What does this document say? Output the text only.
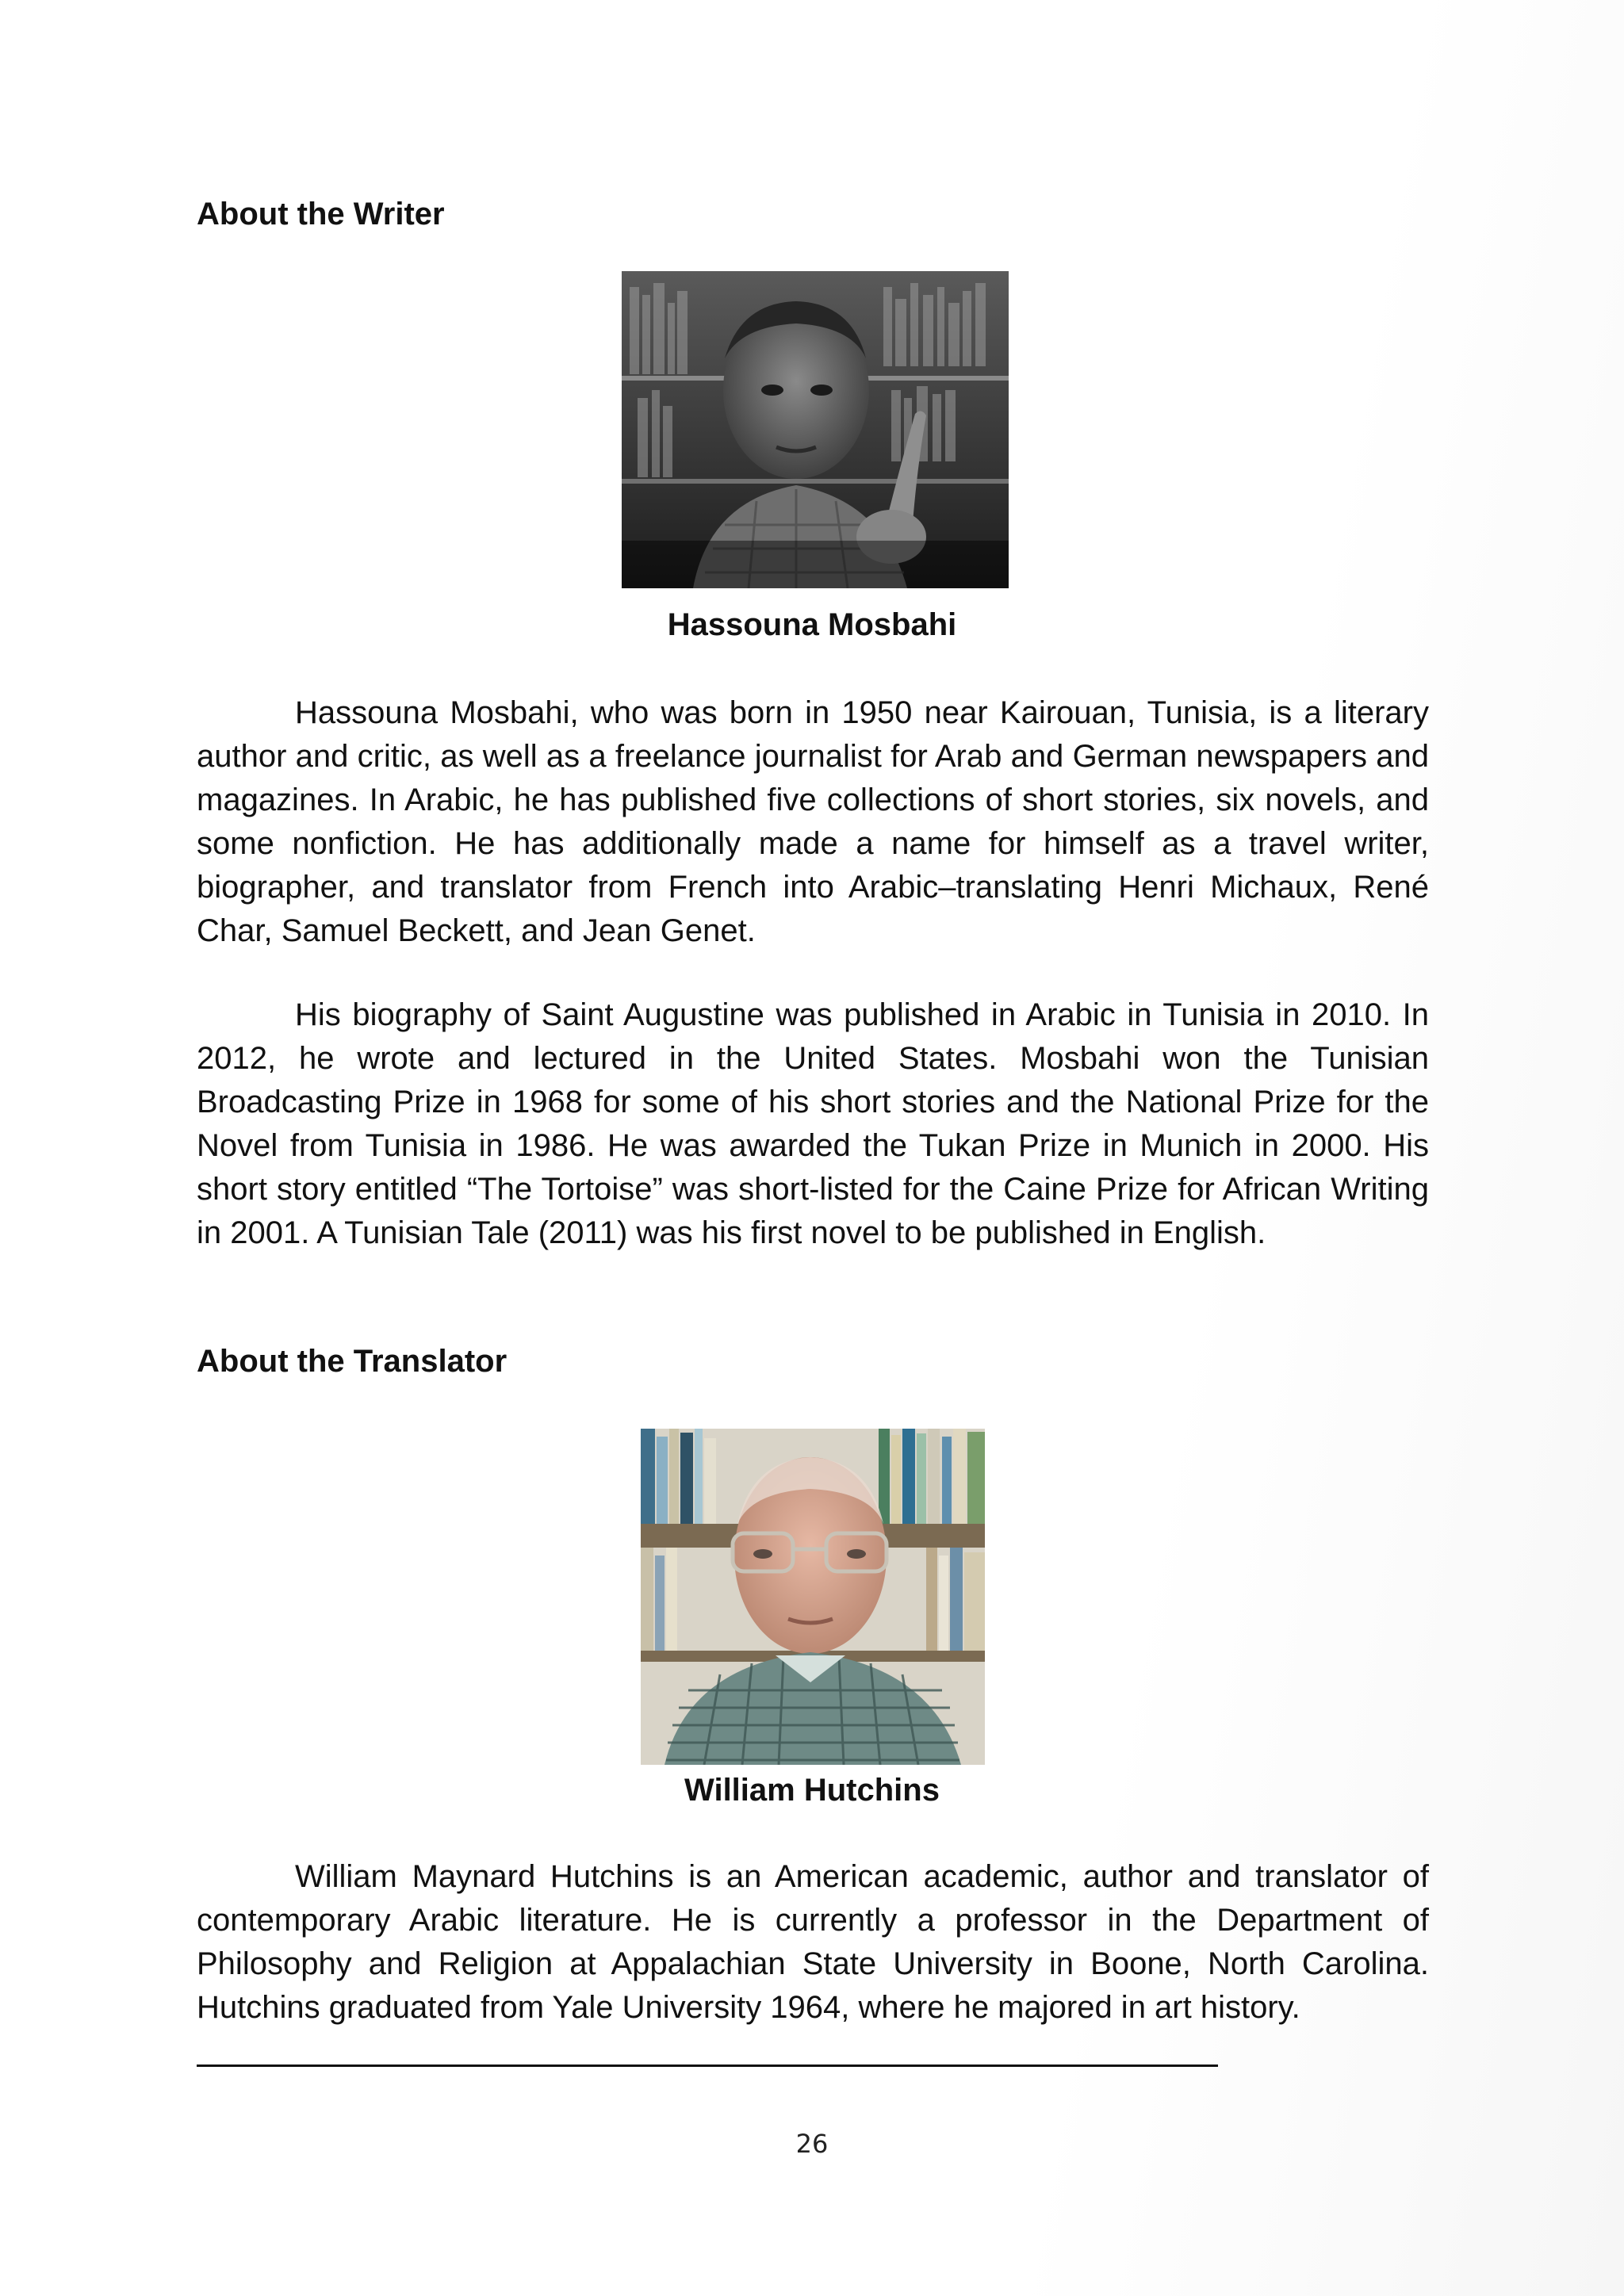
About the Writer
Hassouna Mosbahi

Hassouna Mosbahi, who was born in 1950 near Kairouan, Tunisia, is a literary author and critic, as well as a freelance journalist for Arab and German newspapers and magazines. In Arabic, he has published five collections of short stories, six novels, and some nonfiction. He has additionally made a name for himself as a travel writer, biographer, and translator from French into Arabic–translating Henri Michaux, René Char, Samuel Beckett, and Jean Genet.

His biography of Saint Augustine was published in Arabic in Tunisia in 2010. In 2012, he wrote and lectured in the United States. Mosbahi won the Tunisian Broadcasting Prize in 1968 for some of his short stories and the National Prize for the Novel from Tunisia in 1986. He was awarded the Tukan Prize in Munich in 2000. His short story entitled “The Tortoise” was short-listed for the Caine Prize for African Writing in 2001. A Tunisian Tale (2011) was his first novel to be published in English.

About the Translator
William Hutchins

William Maynard Hutchins is an American academic, author and translator of contemporary Arabic literature. He is currently a professor in the Department of Philosophy and Religion at Appalachian State University in Boone, North Carolina. Hutchins graduated from Yale University 1964, where he majored in art history.

26
